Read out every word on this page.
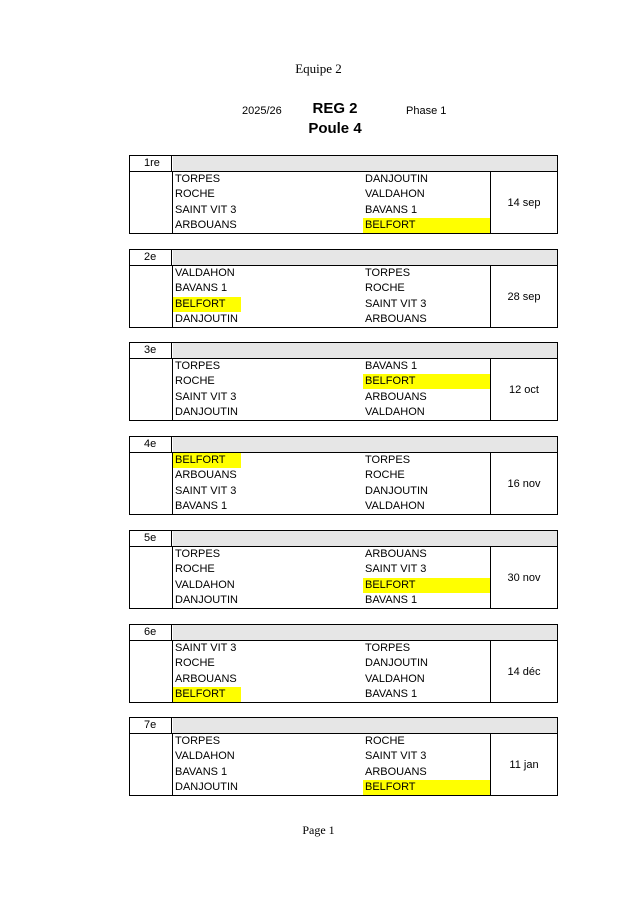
Equipe 2
2025/26	REG 2
Poule 4
Phase 1
1re
TORPES	DANJOUTIN
ROCHE	VALDAHON
SAINT VIT 3	BAVANS 1
ARBOUANS	BELFORT
14 sep
2e
VALDAHON	TORPES
BAVANS 1	ROCHE
BELFORT	SAINT VIT 3
DANJOUTIN	ARBOUANS
28 sep
3e
TORPES	BAVANS 1
ROCHE	BELFORT
SAINT VIT 3	ARBOUANS
DANJOUTIN	VALDAHON
12 oct
4e
BELFORT	TORPES
ARBOUANS	ROCHE
SAINT VIT 3	DANJOUTIN
BAVANS 1	VALDAHON
16 nov
5e
TORPES	ARBOUANS
ROCHE	SAINT VIT 3
VALDAHON	BELFORT
DANJOUTIN	BAVANS 1
30 nov
6e
SAINT VIT 3	TORPES
ROCHE	DANJOUTIN
ARBOUANS	VALDAHON
BELFORT	BAVANS 1
14 déc
7e
TORPES	ROCHE
VALDAHON	SAINT VIT 3
BAVANS 1	ARBOUANS
DANJOUTIN	BELFORT
11 jan
Page 1
